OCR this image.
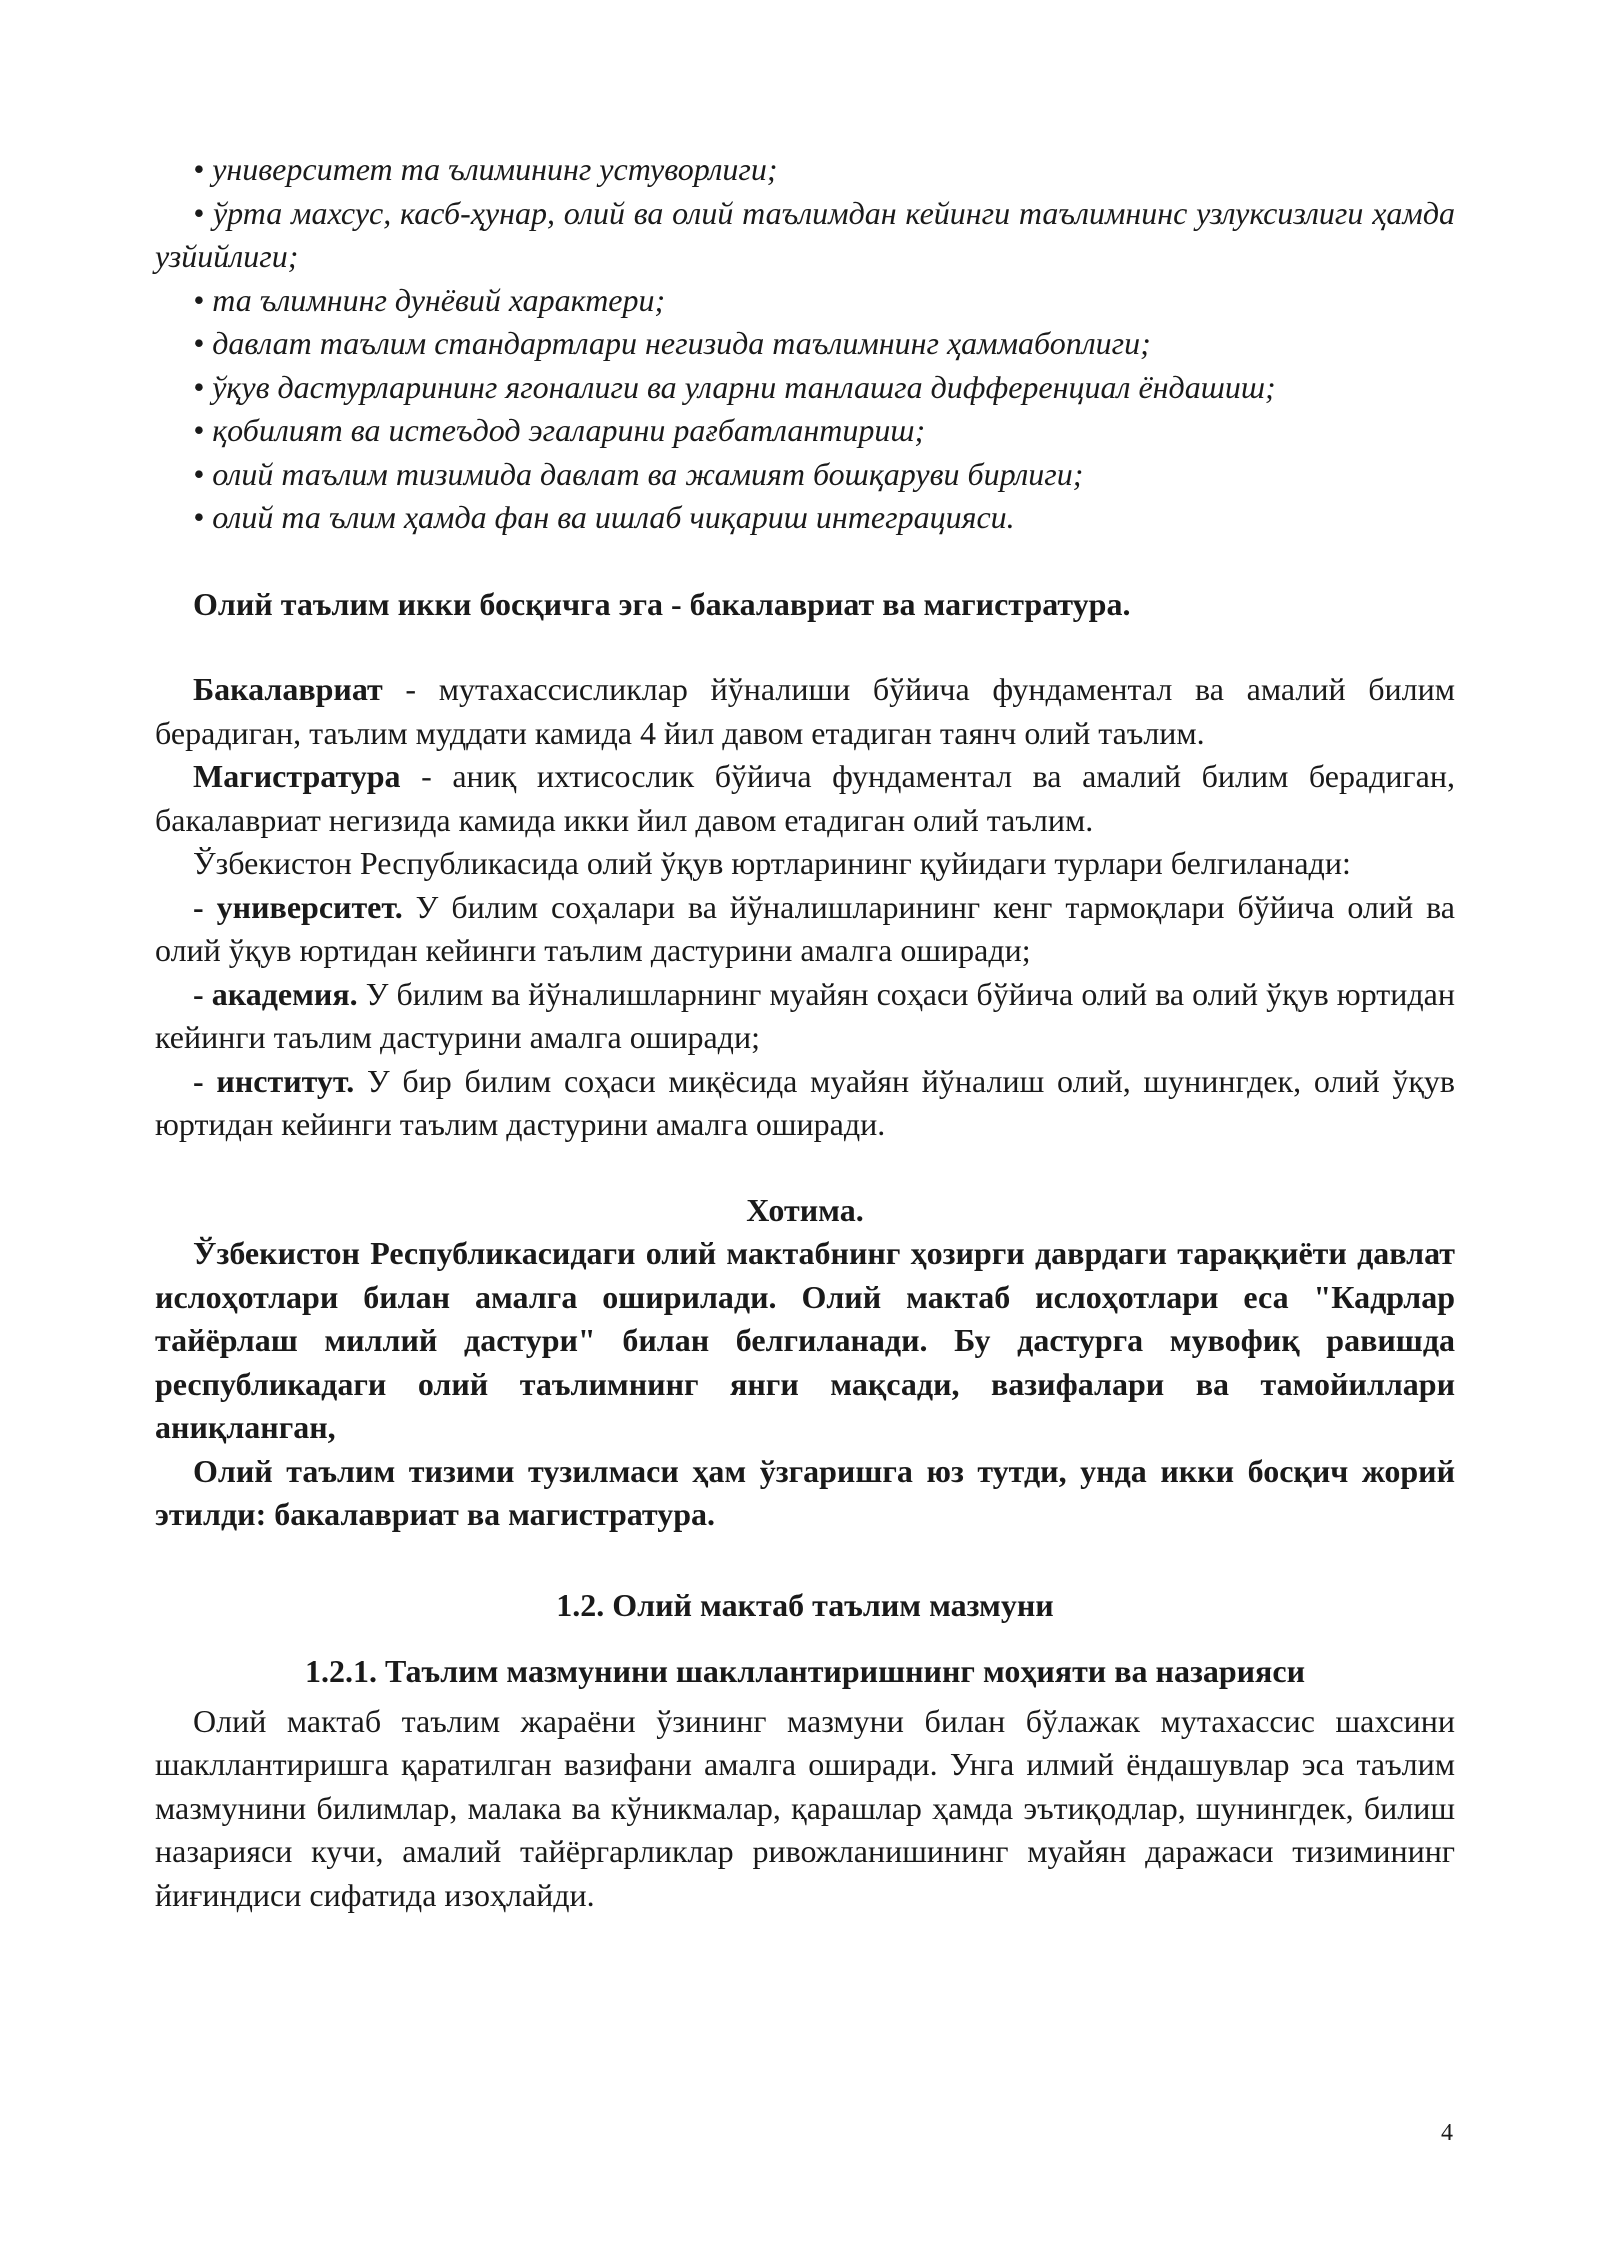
• университет та ълимининг устуворлиги;

• ўрта махсус, касб-ҳунар, олий ва олий таълимдан кейинги таълимнинс узлуксизлиги ҳамда узйийлиги;

• та ълимнинг дунёвий характери;

• давлат таълим стандартлари негизида таълимнинг ҳаммабоплиги;

• ўқув дастурларининг ягоналиги ва уларни танлашга дифференциал ёндашиш;

• қобилият ва истеъдод эгаларини рағбатлантириш;

• олий таълим тизимида давлат ва жамият бошқаруви бирлиги;

• олий та ълим ҳамда фан ва ишлаб чиқариш интеграцияси.

Олий таълим икки босқичга эга - бакалавриат ва магистратура.

Бакалавриат - мутахассисликлар йўналиши бўйича фундаментал ва амалий билим берадиган, таълим муддати камида 4 йил давом етадиган таянч олий таълим.

Магистратура - аниқ ихтисослик бўйича фундаментал ва амалий билим берадиган, бакалавриат негизида камида икки йил давом етадиган олий таълим.

Ўзбекистон Республикасида олий ўқув юртларининг қуйидаги турлари белгиланади:

- университет. У билим соҳалари ва йўналишларининг кенг тармоқлари бўйича олий ва олий ўқув юртидан кейинги таълим дастурини амалга оширади;

- академия. У билим ва йўналишларнинг муайян соҳаси бўйича олий ва олий ўқув юртидан кейинги таълим дастурини амалга оширади;

- институт. У бир билим соҳаси миқёсида муайян йўналиш олий, шунингдек, олий ўқув юртидан кейинги таълим дастурини амалга оширади.

Хотима.

Ўзбекистон Республикасидаги олий мактабнинг ҳозирги даврдаги тараққиёти давлат ислоҳотлари билан амалга оширилади. Олий мактаб ислоҳотлари еса "Кадрлар тайёрлаш миллий дастури" билан белгиланади. Бу дастурга мувофиқ равишда республикадаги олий таълимнинг янги мақсади, вазифалари ва тамойиллари аниқланган,

Олий таълим тизими тузилмаси ҳам ўзгаришга юз тутди, унда икки босқич жорий этилди: бакалавриат ва магистратура.

1.2. Олий мактаб таълим мазмуни

1.2.1. Таълим мазмунини шакллантиришнинг моҳияти ва назарияси

Олий мактаб таълим жараёни ўзининг мазмуни билан бўлажак мутахассис шахсини шакллантиришга қаратилган вазифани амалга оширади. Унга илмий ёндашувлар эса таълим мазмунини билимлар, малака ва кўникмалар, қарашлар ҳамда эътиқодлар, шунингдек, билиш назарияси кучи, амалий тайёргарликлар ривожланишининг муайян даражаси тизимининг йиғиндиси сифатида изоҳлайди.

4
